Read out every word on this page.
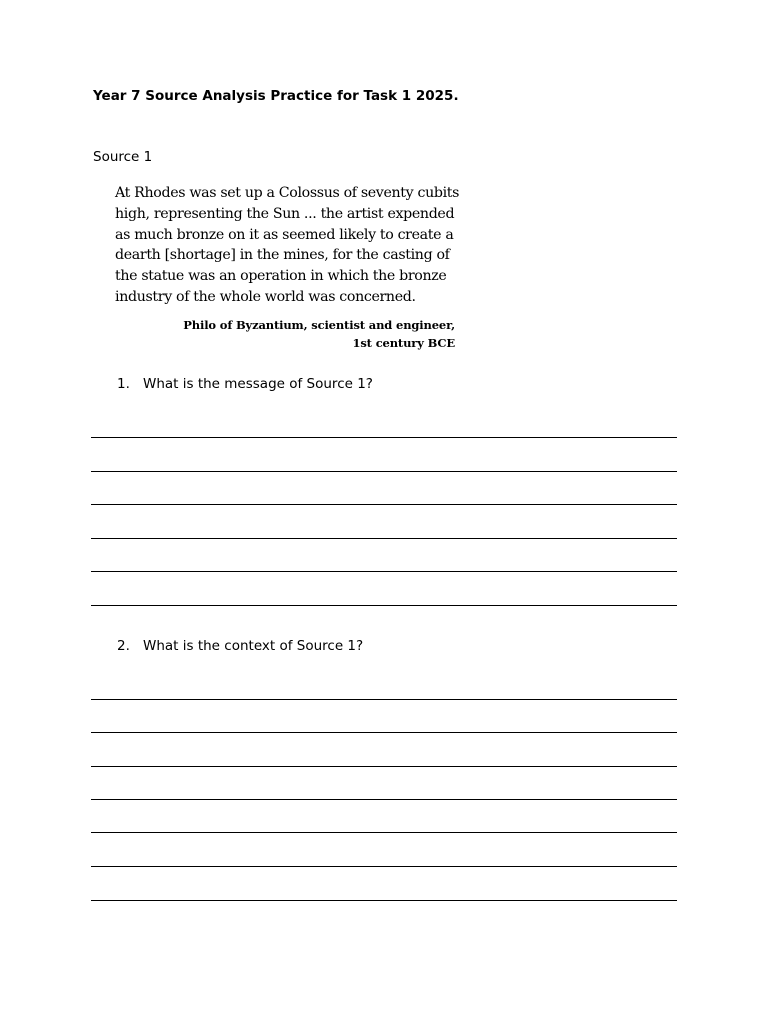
Year 7 Source Analysis Practice for Task 1 2025.
Source 1
At Rhodes was set up a Colossus of seventy cubits
high, representing the Sun ... the artist expended
as much bronze on it as seemed likely to create a
dearth [shortage] in the mines, for the casting of
the statue was an operation in which the bronze
industry of the whole world was concerned.
Philo of Byzantium, scientist and engineer,
1st century BCE
1. What is the message of Source 1?
2. What is the context of Source 1?
